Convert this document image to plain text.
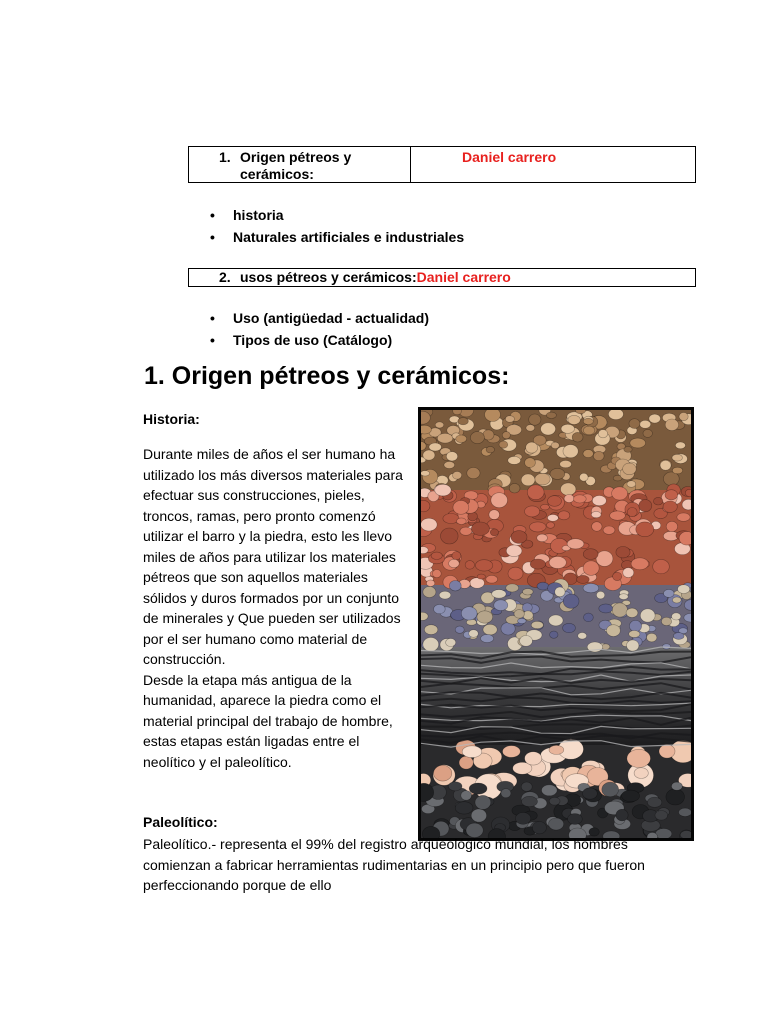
1. Origen pétreos y cerámicos:
Daniel carrero
• historia
• Naturales artificiales e industriales
2. usos pétreos y cerámicos:Daniel carrero
• Uso (antigüedad - actualidad)
• Tipos de uso (Catálogo)
1. Origen pétreos y cerámicos:
Historia:

Durante miles de años el ser humano ha utilizado los más diversos materiales para efectuar sus construcciones, pieles, troncos, ramas, pero pronto comenzó utilizar el barro y la piedra, esto les llevo miles de años para utilizar los materiales pétreos que son aquellos materiales sólidos y duros formados por un conjunto de minerales y Que pueden ser utilizados por el ser humano como material de construcción.

Desde la etapa más antigua de la humanidad, aparece la piedra como el material principal del trabajo de hombre, estas etapas están ligadas entre el neolítico y el paleolítico.

Paleolítico:

Paleolítico.- representa el 99% del registro arqueológico mundial, los hombres comienzan a fabricar herramientas rudimentarias en un principio pero que fueron perfeccionando porque de ello
